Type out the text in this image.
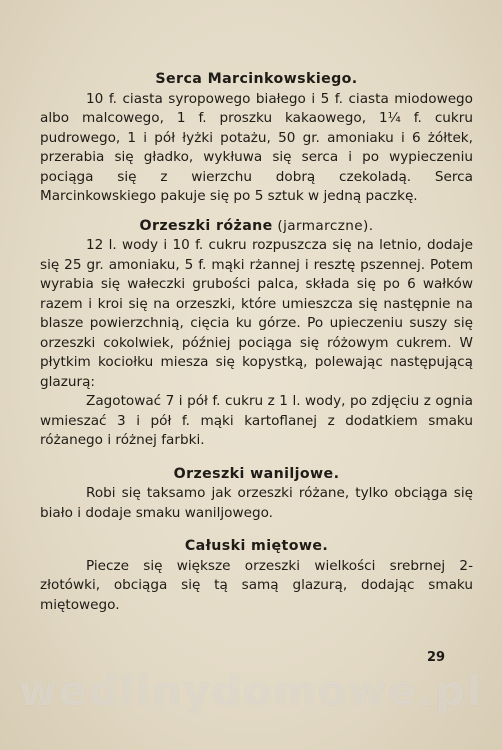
Serca Marcinkowskiego.

10 f. ciasta syropowego białego i 5 f. ciasta miodowego albo malcowego, 1 f. proszku kakaowego, 1¼ f. cukru pudrowego, 1 i pół łyżki potażu, 50 gr. amoniaku i 6 żółtek, przerabia się gładko, wykłuwa się serca i po wypieczeniu pociąga się z wierzchu dobrą czekoladą. Serca Marcinkowskiego pakuje się po 5 sztuk w jedną paczkę.

Orzeszki różane (jarmarczne).

12 l. wody i 10 f. cukru rozpuszcza się na letnio, dodaje się 25 gr. amoniaku, 5 f. mąki rżannej i resztę pszennej. Potem wyrabia się wałeczki grubości palca, składa się po 6 wałków razem i kroi się na orzeszki, które umieszcza się następnie na blasze powierzchnią, cięcia ku górze. Po upieczeniu suszy się orzeszki cokolwiek, później pociąga się różowym cukrem. W płytkim kociołku miesza się kopystką, polewając następującą glazurą:

Zagotować 7 i pół f. cukru z 1 l. wody, po zdjęciu z ognia wmieszać 3 i pół f. mąki kartoflanej z dodatkiem smaku różanego i różnej farbki.

Orzeszki waniljowe.

Robi się taksamo jak orzeszki różane, tylko obciąga się biało i dodaje smaku waniljowego.

Całuski miętowe.

Piecze się większe orzeszki wielkości srebrnej 2-złotówki, obciąga się tą samą glazurą, dodając smaku miętowego.

29
wedlinydomowe.pl
